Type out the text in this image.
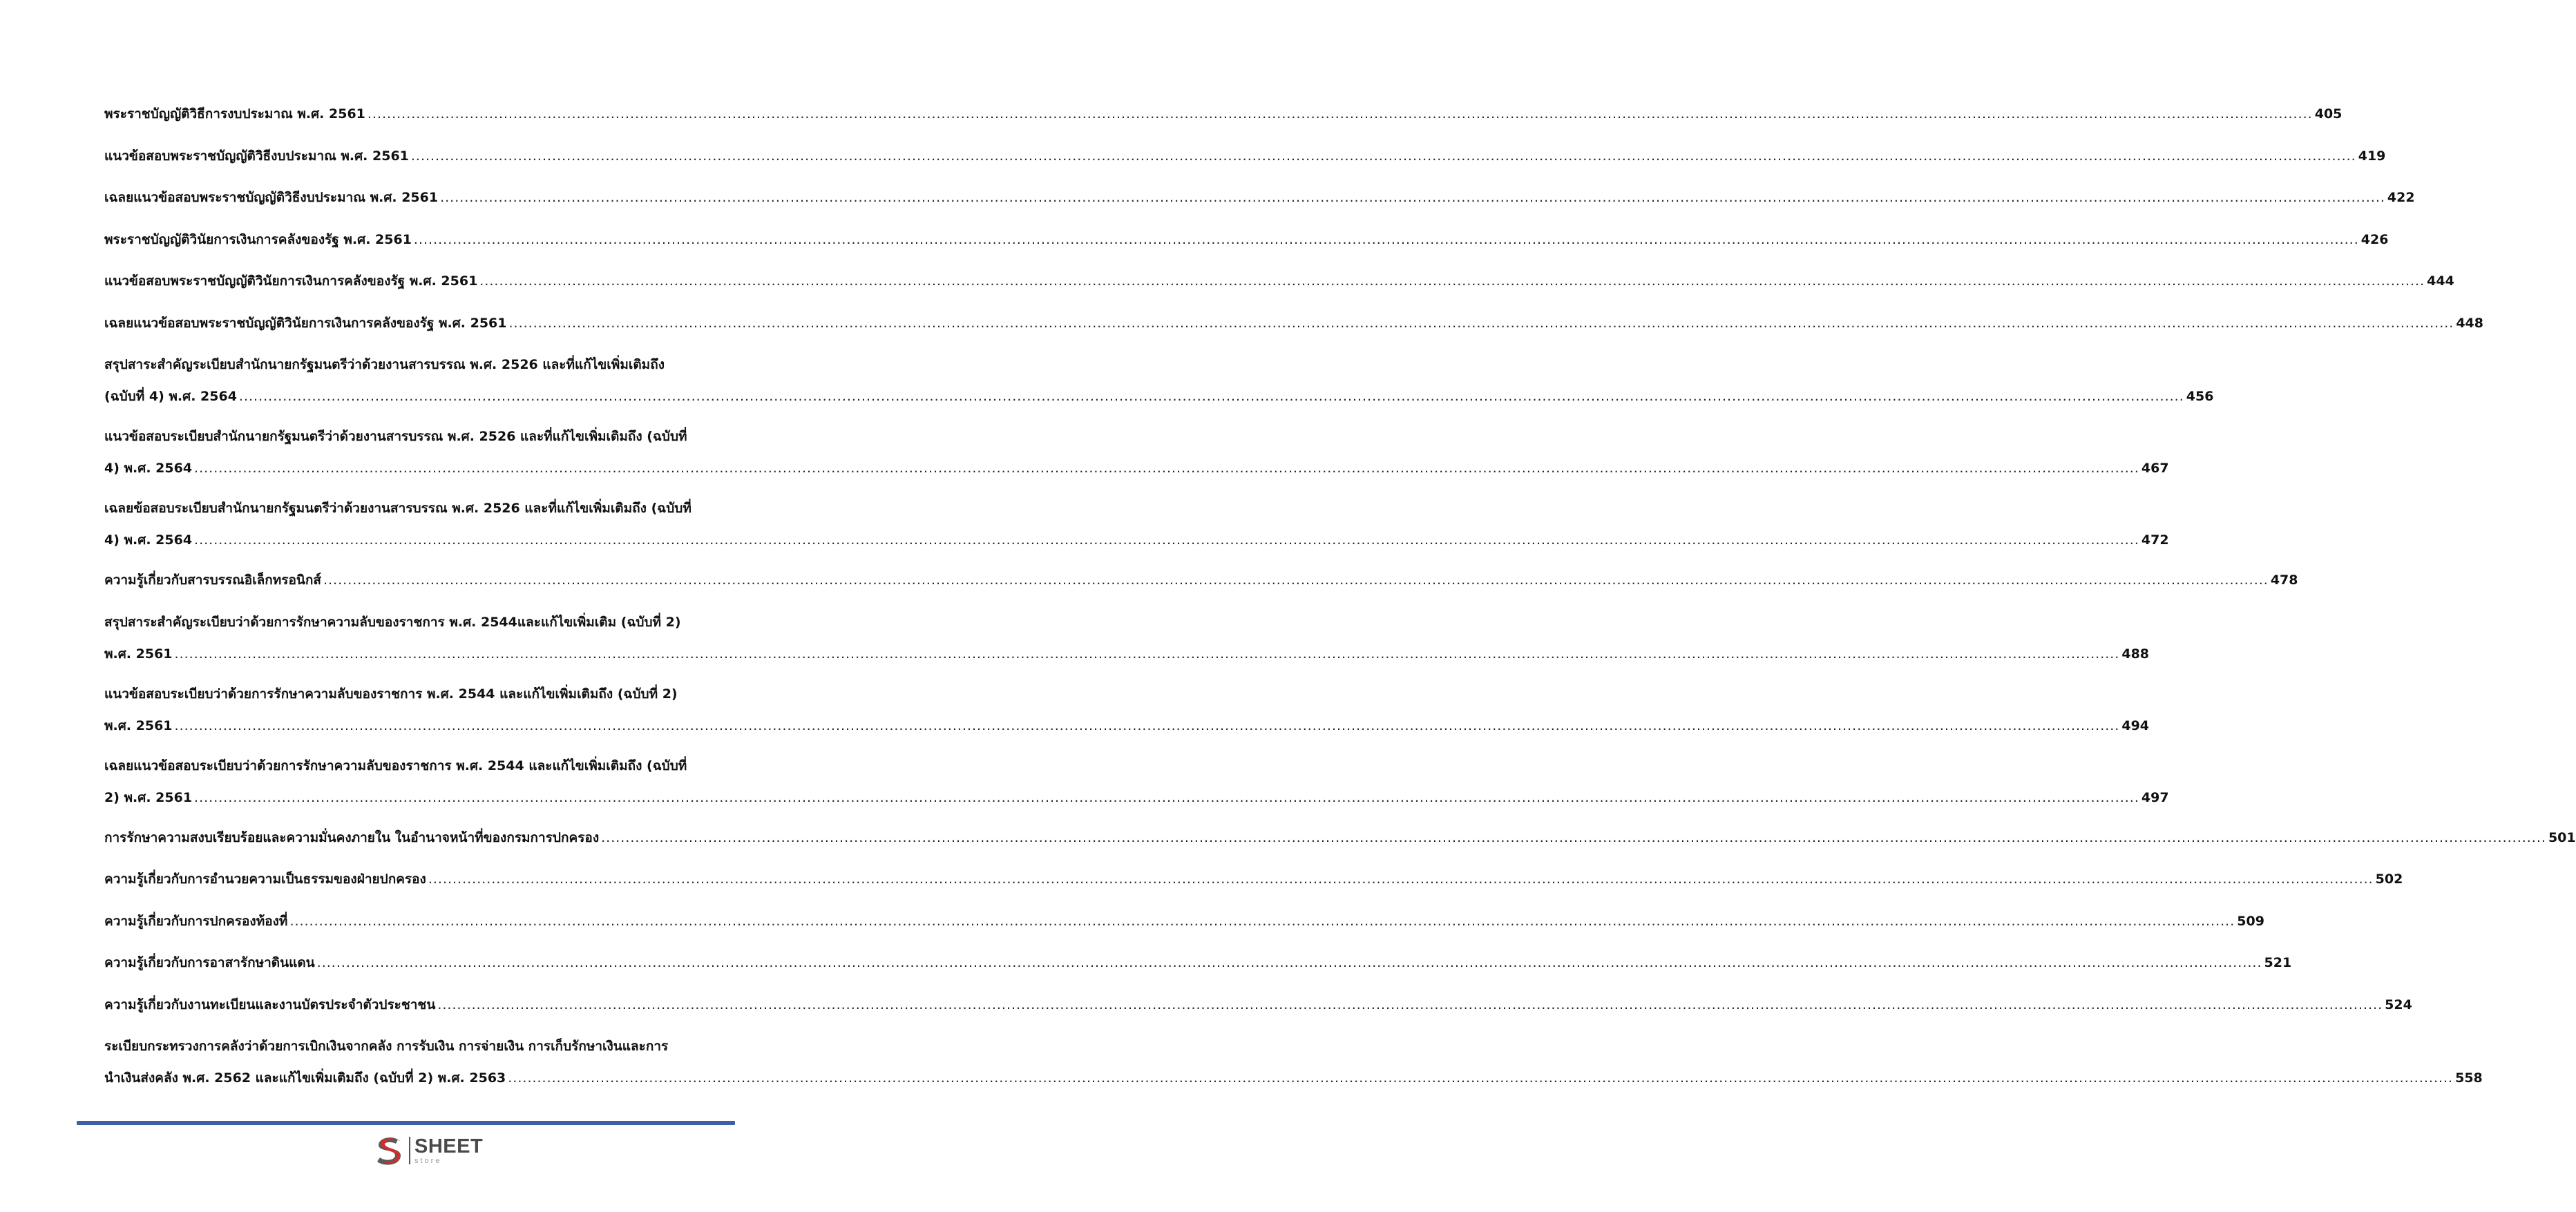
พระราชบัญญัติวิธีการงบประมาณ พ.ศ. 2561 ................................................................................................................................................................................................................................................................................................................................................................................................................ 405
แนวข้อสอบพระราชบัญญัติวิธีงบประมาณ พ.ศ. 2561 ................................................................................................................................................................................................................................................................................................................................................................................................................ 419
เฉลยแนวข้อสอบพระราชบัญญัติวิธีงบประมาณ พ.ศ. 2561 ................................................................................................................................................................................................................................................................................................................................................................................................................ 422
พระราชบัญญัติวินัยการเงินการคลังของรัฐ พ.ศ. 2561 ................................................................................................................................................................................................................................................................................................................................................................................................................ 426
แนวข้อสอบพระราชบัญญัติวินัยการเงินการคลังของรัฐ พ.ศ. 2561 ................................................................................................................................................................................................................................................................................................................................................................................................................ 444
เฉลยแนวข้อสอบพระราชบัญญัติวินัยการเงินการคลังของรัฐ พ.ศ. 2561 ................................................................................................................................................................................................................................................................................................................................................................................................................ 448
สรุปสาระสำคัญระเบียบสำนักนายกรัฐมนตรีว่าด้วยงานสารบรรณ พ.ศ. 2526 และที่แก้ไขเพิ่มเติมถึง
(ฉบับที่ 4) พ.ศ. 2564 ................................................................................................................................................................................................................................................................................................................................................................................................................ 456
แนวข้อสอบระเบียบสำนักนายกรัฐมนตรีว่าด้วยงานสารบรรณ พ.ศ. 2526 และที่แก้ไขเพิ่มเติมถึง (ฉบับที่
4) พ.ศ. 2564 ................................................................................................................................................................................................................................................................................................................................................................................................................ 467
เฉลยข้อสอบระเบียบสำนักนายกรัฐมนตรีว่าด้วยงานสารบรรณ พ.ศ. 2526 และที่แก้ไขเพิ่มเติมถึง (ฉบับที่
4) พ.ศ. 2564 ................................................................................................................................................................................................................................................................................................................................................................................................................ 472
ความรู้เกี่ยวกับสารบรรณอิเล็กทรอนิกส์ ................................................................................................................................................................................................................................................................................................................................................................................................................ 478
สรุปสาระสำคัญระเบียบว่าด้วยการรักษาความลับของราชการ พ.ศ. 2544และแก้ไขเพิ่มเติม (ฉบับที่ 2)
พ.ศ. 2561 ................................................................................................................................................................................................................................................................................................................................................................................................................ 488
แนวข้อสอบระเบียบว่าด้วยการรักษาความลับของราชการ พ.ศ. 2544 และแก้ไขเพิ่มเติมถึง (ฉบับที่ 2)
พ.ศ. 2561 ................................................................................................................................................................................................................................................................................................................................................................................................................ 494
เฉลยแนวข้อสอบระเบียบว่าด้วยการรักษาความลับของราชการ พ.ศ. 2544 และแก้ไขเพิ่มเติมถึง (ฉบับที่
2) พ.ศ. 2561 ................................................................................................................................................................................................................................................................................................................................................................................................................ 497
การรักษาความสงบเรียบร้อยและความมั่นคงภายใน ในอำนาจหน้าที่ของกรมการปกครอง ................................................................................................................................................................................................................................................................................................................................................................................................................ 501
ความรู้เกี่ยวกับการอำนวยความเป็นธรรมของฝ่ายปกครอง ................................................................................................................................................................................................................................................................................................................................................................................................................ 502
ความรู้เกี่ยวกับการปกครองท้องที่ ................................................................................................................................................................................................................................................................................................................................................................................................................ 509
ความรู้เกี่ยวกับการอาสารักษาดินแดน ................................................................................................................................................................................................................................................................................................................................................................................................................ 521
ความรู้เกี่ยวกับงานทะเบียนและงานบัตรประจำตัวประชาชน ................................................................................................................................................................................................................................................................................................................................................................................................................ 524
ระเบียบกระทรวงการคลังว่าด้วยการเบิกเงินจากคลัง การรับเงิน การจ่ายเงิน การเก็บรักษาเงินและการ
นำเงินส่งคลัง พ.ศ. 2562 และแก้ไขเพิ่มเติมถึง (ฉบับที่ 2) พ.ศ. 2563 ................................................................................................................................................................................................................................................................................................................................................................................................................ 558
SHEET
store
